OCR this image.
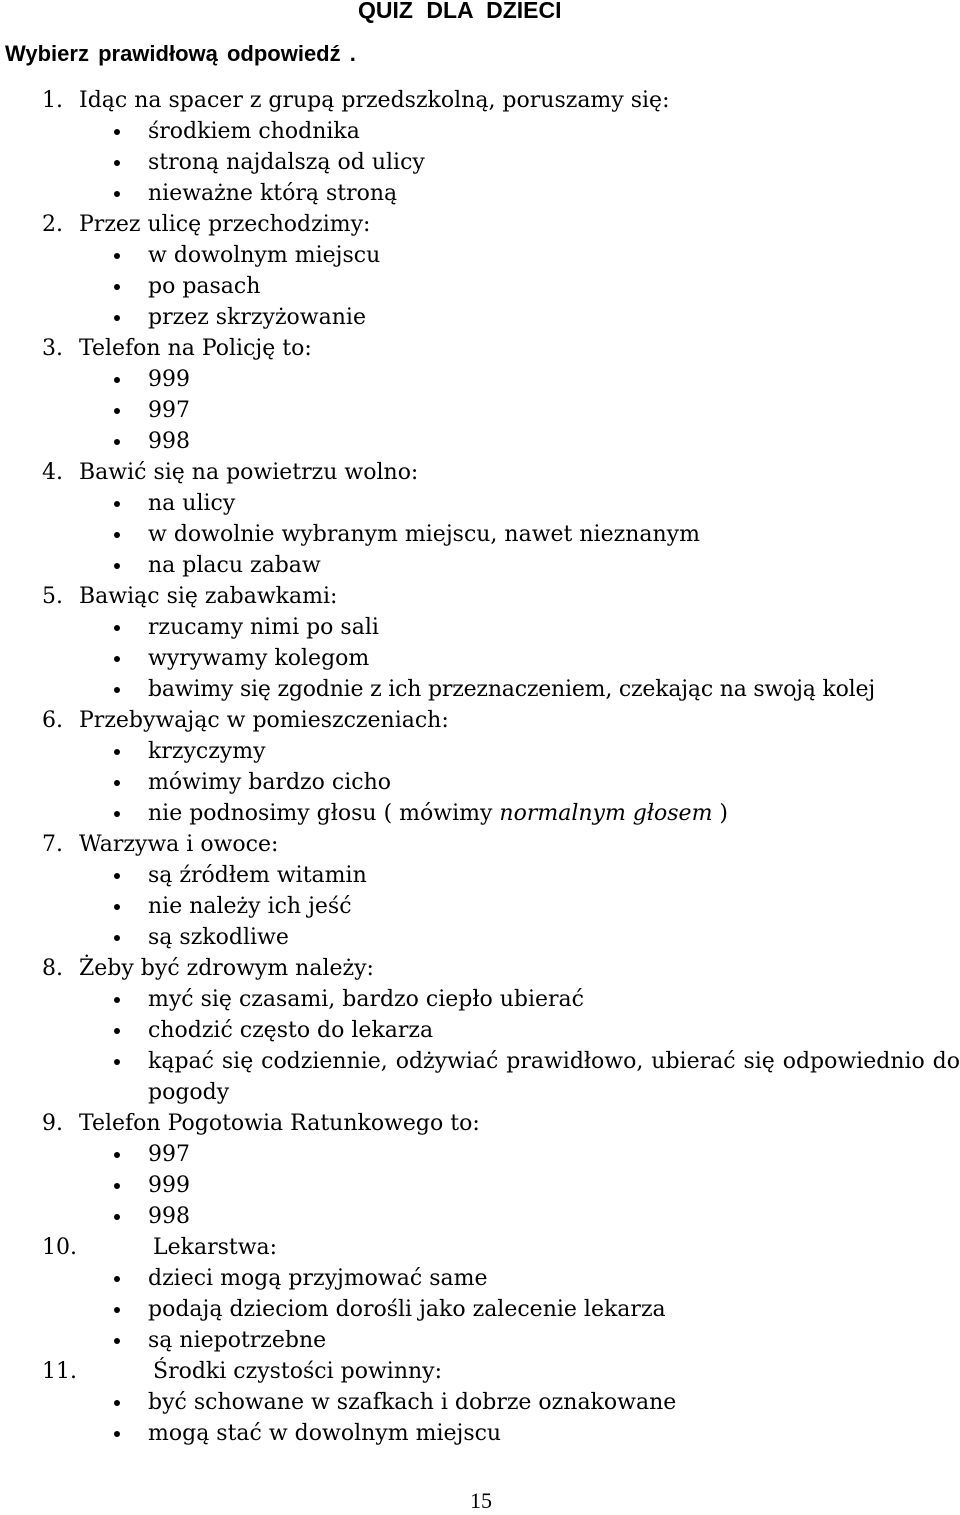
QUIZ DLA DZIECI
Wybierz prawidłową odpowiedź .
1. Idąc na spacer z grupą przedszkolną, poruszamy się:
środkiem chodnika
stroną najdalszą od ulicy
nieważne którą stroną
2. Przez ulicę przechodzimy:
w dowolnym miejscu
po pasach
przez skrzyżowanie
3. Telefon na Policję to:
999
997
998
4. Bawić się na powietrzu wolno:
na ulicy
w dowolnie wybranym miejscu, nawet nieznanym
na placu zabaw
5. Bawiąc się zabawkami:
rzucamy nimi po sali
wyrywamy kolegom
bawimy się zgodnie z ich przeznaczeniem, czekając na swoją kolej
6. Przebywając w pomieszczeniach:
krzyczymy
mówimy bardzo cicho
nie podnosimy głosu ( mówimy normalnym głosem )
7. Warzywa i owoce:
są źródłem witamin
nie należy ich jeść
są szkodliwe
8. Żeby być zdrowym należy:
myć się czasami, bardzo ciepło ubierać
chodzić często do lekarza
kąpać się codziennie, odżywiać prawidłowo, ubierać się odpowiednio do pogody
9. Telefon Pogotowia Ratunkowego to:
997
999
998
10.	Lekarstwa:
dzieci mogą przyjmować same
podają dzieciom dorośli jako zalecenie lekarza
są niepotrzebne
11.	Środki czystości powinny:
być schowane w szafkach i dobrze oznakowane
mogą stać w dowolnym miejscu
15
